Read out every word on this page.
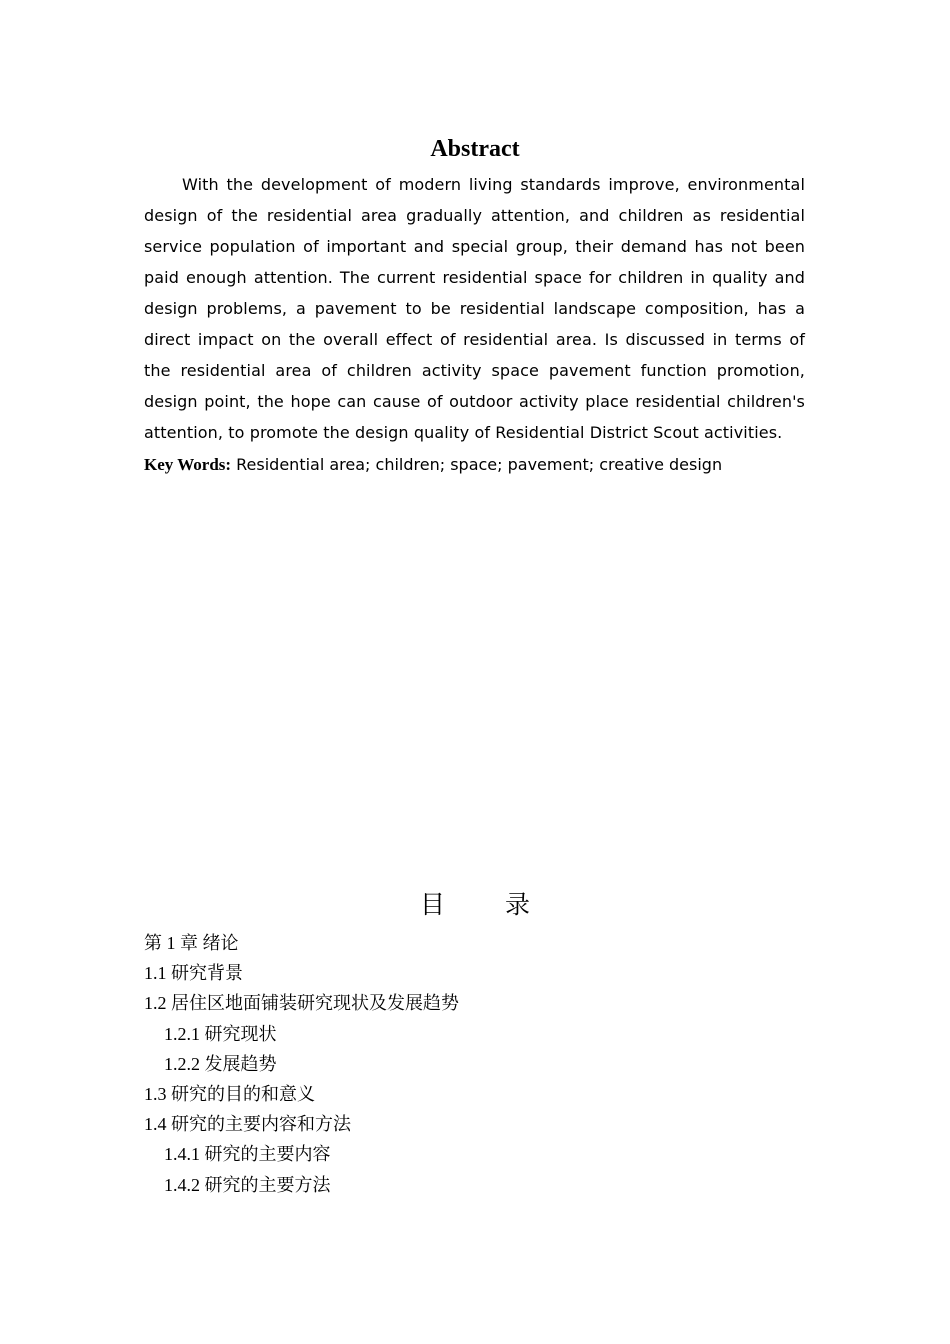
Abstract

With the development of modern living standards improve, environmental design of the residential area gradually attention, and children as residential service population of important and special group, their demand has not been paid enough attention. The current residential space for children in quality and design problems, a pavement to be residential landscape composition, has a direct impact on the overall effect of residential area. Is discussed in terms of the residential area of children activity space pavement function promotion, design point, the hope can cause of outdoor activity place residential children's attention, to promote the design quality of Residential District Scout activities.

Key Words: Residential area; children; space; pavement; creative design
目 录
第 1 章 绪论
1.1 研究背景
1.2 居住区地面铺装研究现状及发展趋势
1.2.1 研究现状
1.2.2 发展趋势
1.3 研究的目的和意义
1.4 研究的主要内容和方法
1.4.1 研究的主要内容
1.4.2 研究的主要方法
